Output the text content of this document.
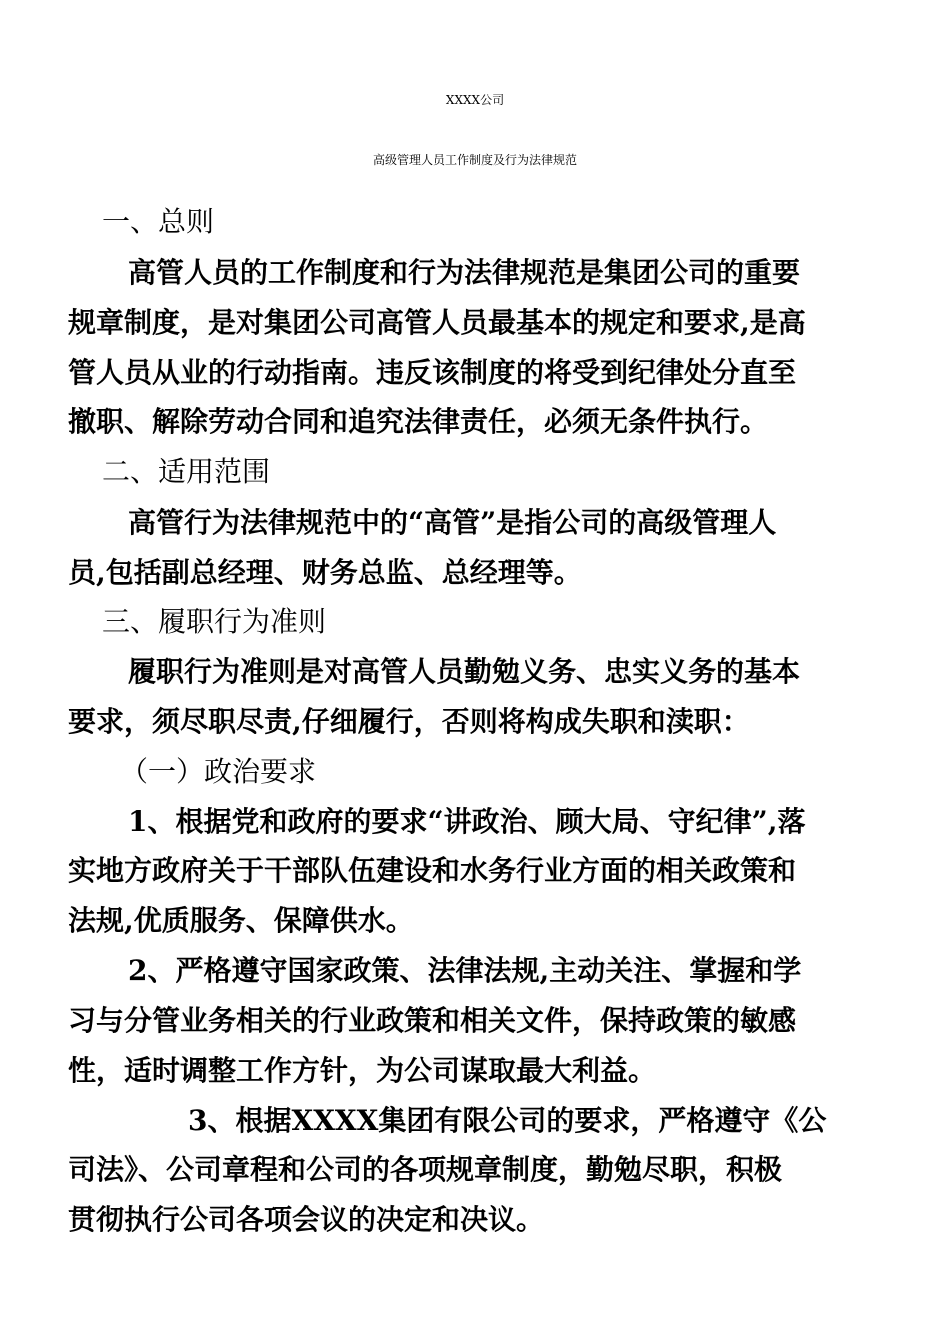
XXXX公司
高级管理人员工作制度及行为法律规范
一、总则
高管人员的工作制度和行为法律规范是集团公司的重要
规章制度，是对集团公司高管人员最基本的规定和要求,是高
管人员从业的行动指南。违反该制度的将受到纪律处分直至
撤职、解除劳动合同和追究法律责任，必须无条件执行。
二、适用范围
高管行为法律规范中的“高管”是指公司的高级管理人
员,包括副总经理、财务总监、总经理等。
三、履职行为准则
履职行为准则是对高管人员勤勉义务、忠实义务的基本
要求，须尽职尽责,仔细履行，否则将构成失职和渎职：
（一）政治要求
1、根据党和政府的要求“讲政治、顾大局、守纪律”,落
实地方政府关于干部队伍建设和水务行业方面的相关政策和
法规,优质服务、保障供水。
2、严格遵守国家政策、法律法规,主动关注、掌握和学
习与分管业务相关的行业政策和相关文件，保持政策的敏感
性，适时调整工作方针，为公司谋取最大利益。
3、根据XXXX集团有限公司的要求，严格遵守《公
司法》、公司章程和公司的各项规章制度，勤勉尽职，积极
贯彻执行公司各项会议的决定和决议。
